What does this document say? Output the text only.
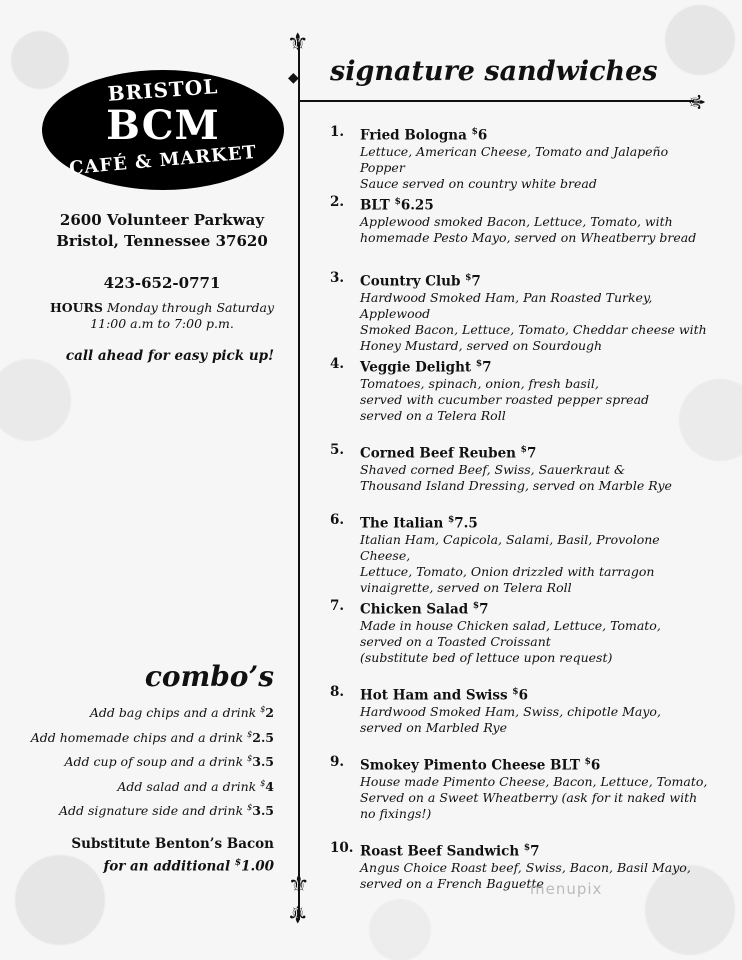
BRISTOL
BCM
CAFÉ & MARKET
2600 Volunteer Parkway
Bristol, Tennessee 37620
423-652-0771
HOURS Monday through Saturday
11:00 a.m to 7:00 p.m.
call ahead for easy pick up!
combo’s
Add bag chips and a drink $2
Add homemade chips and a drink $2.5
Add cup of soup and a drink $3.5
Add salad and a drink $4
Add signature side and drink $3.5
Substitute Benton’s Bacon
for an additional $1.00
⚜
◆
⚜
⚜
⚜
signature sandwiches
1. Fried Bologna $6
Lettuce, American Cheese, Tomato and Jalapeño Popper
Sauce served on country white bread
2. BLT $6.25
Applewood smoked Bacon, Lettuce, Tomato, with
homemade Pesto Mayo, served on Wheatberry bread
3. Country Club $7
Hardwood Smoked Ham, Pan Roasted Turkey, Applewood
Smoked Bacon, Lettuce, Tomato, Cheddar cheese with
Honey Mustard, served on Sourdough
4. Veggie Delight $7
Tomatoes, spinach, onion, fresh basil,
served with cucumber roasted pepper spread
served on a Telera Roll
5. Corned Beef Reuben $7
Shaved corned Beef, Swiss, Sauerkraut &
Thousand Island Dressing, served on Marble Rye
6. The Italian $7.5
Italian Ham, Capicola, Salami, Basil, Provolone Cheese,
Lettuce, Tomato, Onion drizzled with tarragon
vinaigrette, served on Telera Roll
7. Chicken Salad $7
Made in house Chicken salad, Lettuce, Tomato,
served on a Toasted Croissant
(substitute bed of lettuce upon request)
8. Hot Ham and Swiss $6
Hardwood Smoked Ham, Swiss, chipotle Mayo,
served on Marbled Rye
9. Smokey Pimento Cheese BLT $6
House made Pimento Cheese, Bacon, Lettuce, Tomato,
Served on a Sweet Wheatberry (ask for it naked with
no fixings!)
10. Roast Beef Sandwich $7
Angus Choice Roast beef, Swiss, Bacon, Basil Mayo,
served on a French Baguette
menupix
